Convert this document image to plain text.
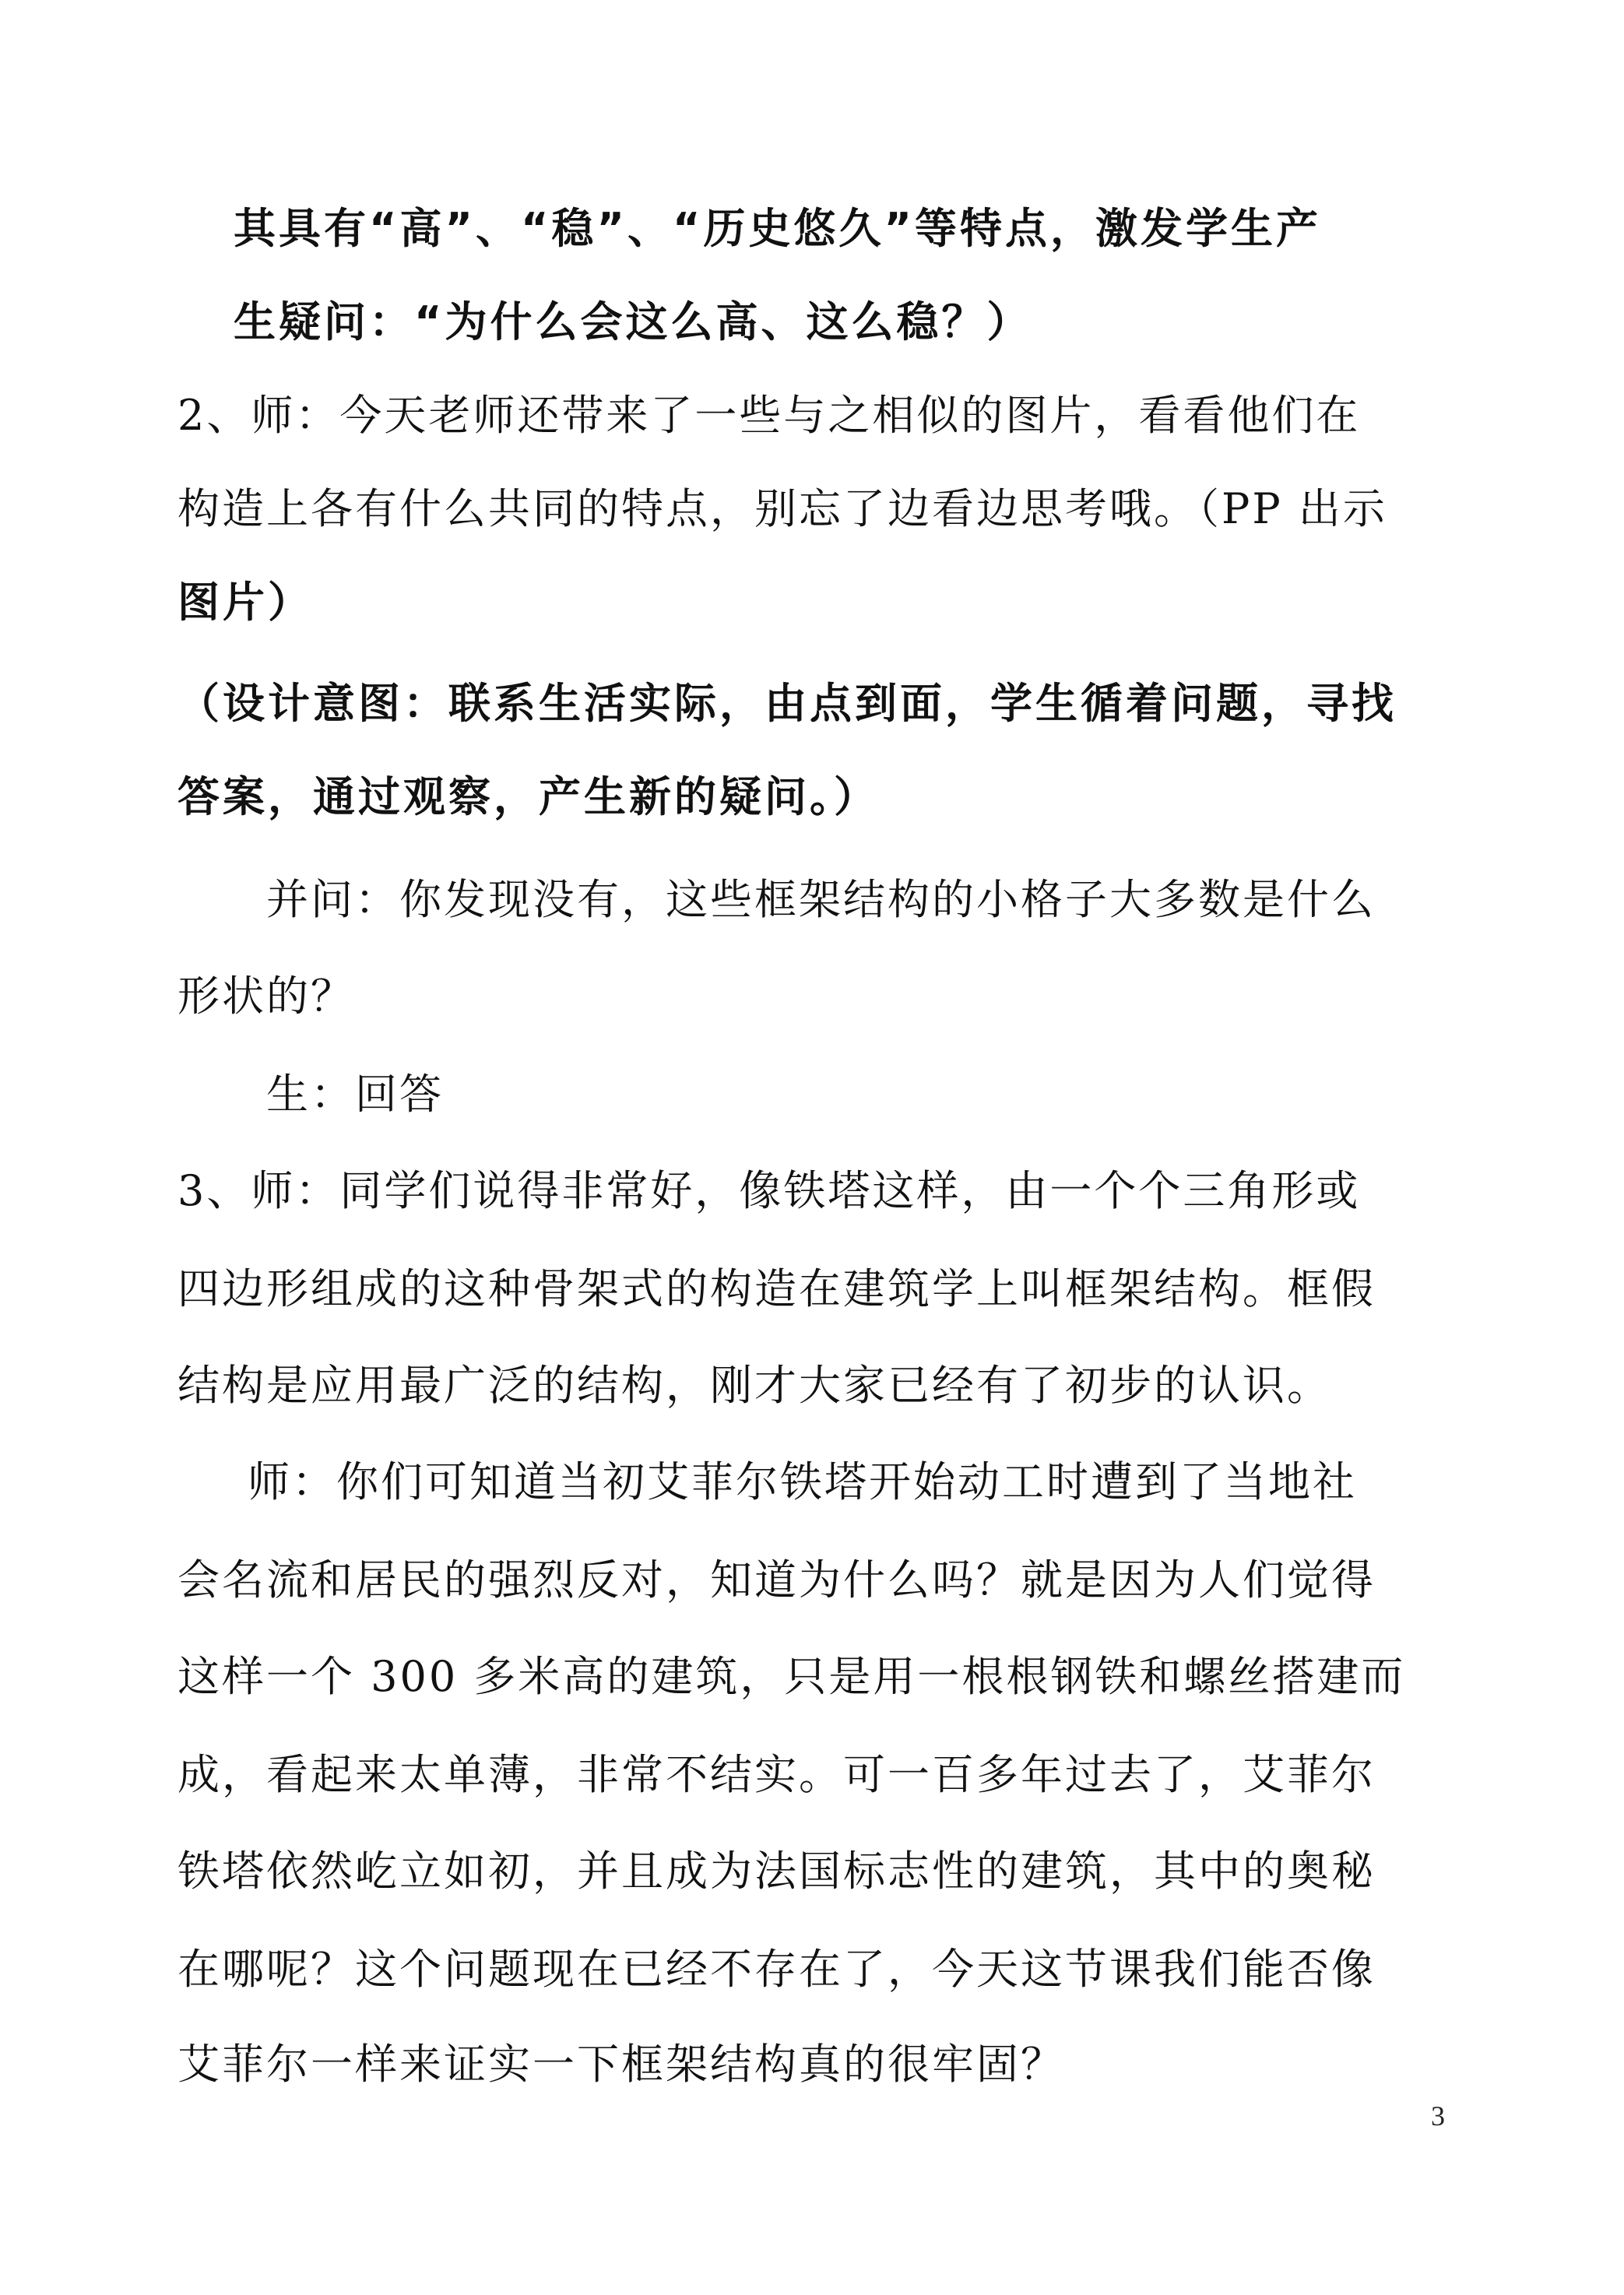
其具有“高”、“稳”、“历史悠久”等特点，激发学生产
生疑问：“为什么会这么高、这么稳？）
2、师：今天老师还带来了一些与之相似的图片，看看他们在
构造上各有什么共同的特点，别忘了边看边思考哦。（PP 出示
图片）
（设计意图：联系生活实际，由点到面，学生循着问题，寻找
答案，通过观察，产生新的疑问。）
并问：你发现没有，这些框架结构的小格子大多数是什么
形状的？
生：回答
3、师：同学们说得非常好，像铁塔这样，由一个个三角形或
四边形组成的这种骨架式的构造在建筑学上叫框架结构。框假
结构是应用最广泛的结构，刚才大家已经有了初步的认识。
师：你们可知道当初艾菲尔铁塔开始动工时遭到了当地社
会名流和居民的强烈反对，知道为什么吗？就是因为人们觉得
这样一个 300 多米高的建筑，只是用一根根钢铁和螺丝搭建而
成，看起来太单薄，非常不结实。可一百多年过去了，艾菲尔
铁塔依然屹立如初，并且成为法国标志性的建筑，其中的奥秘
在哪呢？这个问题现在已经不存在了，今天这节课我们能否像
艾菲尔一样来证实一下框架结构真的很牢固？
3
